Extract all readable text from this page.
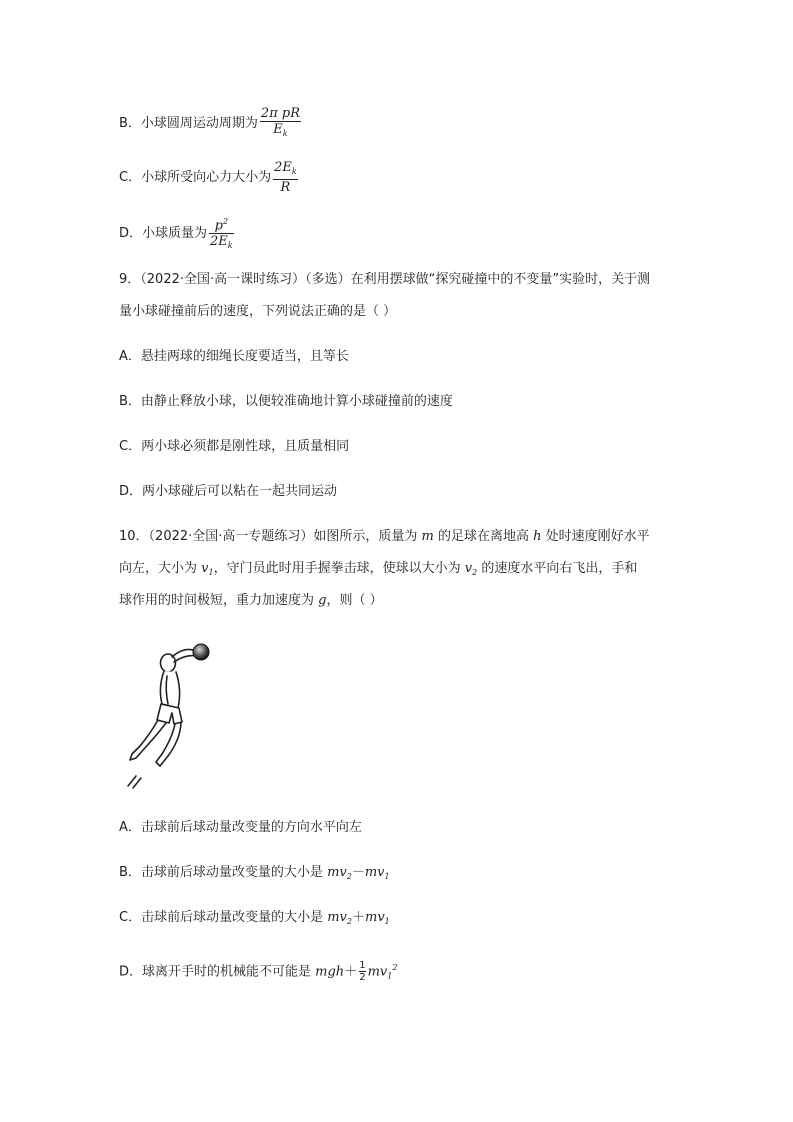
B．小球圆周运动周期为 $\frac{\text{2π pR}}{E_k}$
C．小球所受向心力大小为 $\frac{2E_k}{R}$
D．小球质量为 $\frac{p^2}{2E_k}$
9．（2022·全国·高一课时练习）（多选）在利用摆球做“探究碰撞中的不变量”实验时，关于测
量小球碰撞前后的速度，下列说法正确的是（ ）
A．悬挂两球的细绳长度要适当，且等长
B．由静止释放小球，以便较准确地计算小球碰撞前的速度
C．两小球必须都是刚性球，且质量相同
D．两小球碰后可以粘在一起共同运动
10．（2022·全国·高一专题练习）如图所示，质量为 m 的足球在离地高 h 处时速度刚好水平
向左，大小为 $v_1$，守门员此时用手握拳击球，使球以大小为 $v_2$ 的速度水平向右飞出，手和
球作用的时间极短，重力加速度为 g，则（ ）
A．击球前后球动量改变量的方向水平向左
B．击球前后球动量改变量的大小是 $mv_2-mv_1$
C．击球前后球动量改变量的大小是 $mv_2+mv_1$
D．球离开手时的机械能不可能是 $mgh+ \frac{1}{2} mv_1^2$
